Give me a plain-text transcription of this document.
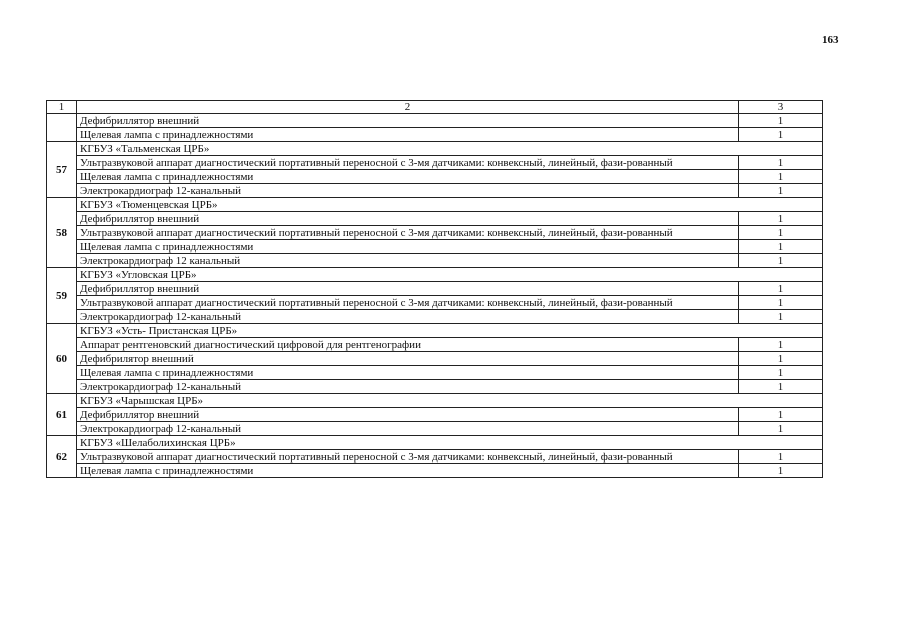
163
1	2	3
	Дефибриллятор внешний	1
	Щелевая лампа с принадлежностями	1
57	КГБУЗ «Тальменская ЦРБ»	
	Ультразвуковой аппарат диагностический портативный переносной с 3-мя датчиками: конвексный, линейный, фази-рованный	1
	Щелевая лампа с принадлежностями	1
	Электрокардиограф 12-канальный	1
58	КГБУЗ «Тюменцевская ЦРБ»	
	Дефибриллятор внешний	1
	Ультразвуковой аппарат диагностический портативный переносной с 3-мя датчиками: конвексный, линейный, фази-рованный	1
	Щелевая лампа с принадлежностями	1
	Электрокардиограф 12 канальный	1
59	КГБУЗ «Угловская ЦРБ»	
	Дефибриллятор внешний	1
	Ультразвуковой аппарат диагностический портативный переносной с 3-мя датчиками: конвексный, линейный, фази-рованный	1
	Электрокардиограф 12-канальный	1
60	КГБУЗ «Усть- Пристанская ЦРБ»	
	Аппарат рентгеновский диагностический цифровой для рентгенографии	1
	Дефибрилятор внешний	1
	Щелевая лампа с принадлежностями	1
	Электрокардиограф 12-канальный	1
61	КГБУЗ «Чарышская ЦРБ»	
	Дефибриллятор внешний	1
	Электрокардиограф 12-канальный	1
62	КГБУЗ «Шелаболихинская ЦРБ»	
	Ультразвуковой аппарат диагностический портативный переносной с 3-мя датчиками: конвексный, линейный, фази-рованный	1
	Щелевая лампа с принадлежностями	1
